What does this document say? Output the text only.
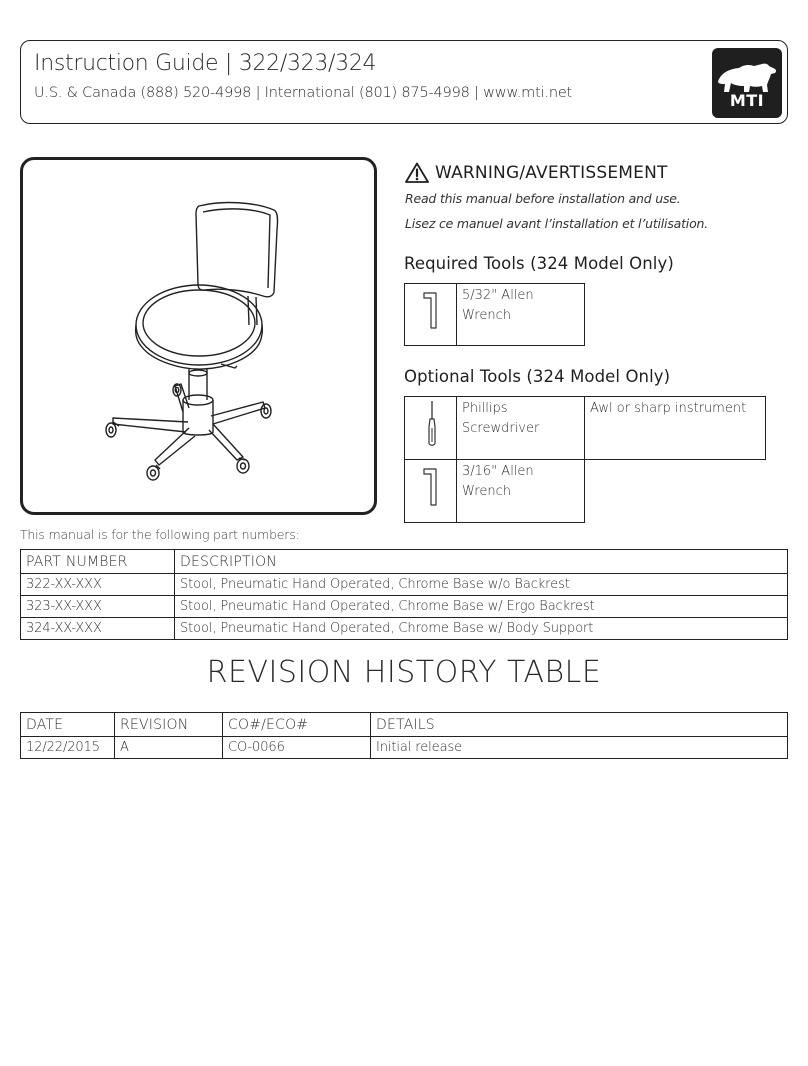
Instruction Guide | 322/323/324
U.S. & Canada (888) 520-4998 | International (801) 875-4998 | www.mti.net	MTI
WARNING/AVERTISSEMENT
Read this manual before installation and use.
Lisez ce manuel avant l’installation et l’utilisation.
Required Tools (324 Model Only)

5/32" Allen
Wrench
Optional Tools (324 Model Only)

Phillips
Screwdriver	Awl or sharp instrument

3/16" Allen
Wrench	

This manual is for the following part numbers:
PART NUMBER	DESCRIPTION
322-XX-XXX	Stool, Pneumatic Hand Operated, Chrome Base w/o Backrest
323-XX-XXX	Stool, Pneumatic Hand Operated, Chrome Base w/ Ergo Backrest
324-XX-XXX	Stool, Pneumatic Hand Operated, Chrome Base w/ Body Support
REVISION HISTORY TABLE
DATE	REVISION	CO#/ECO#	DETAILS
12/22/2015	A	CO-0066	Initial release
